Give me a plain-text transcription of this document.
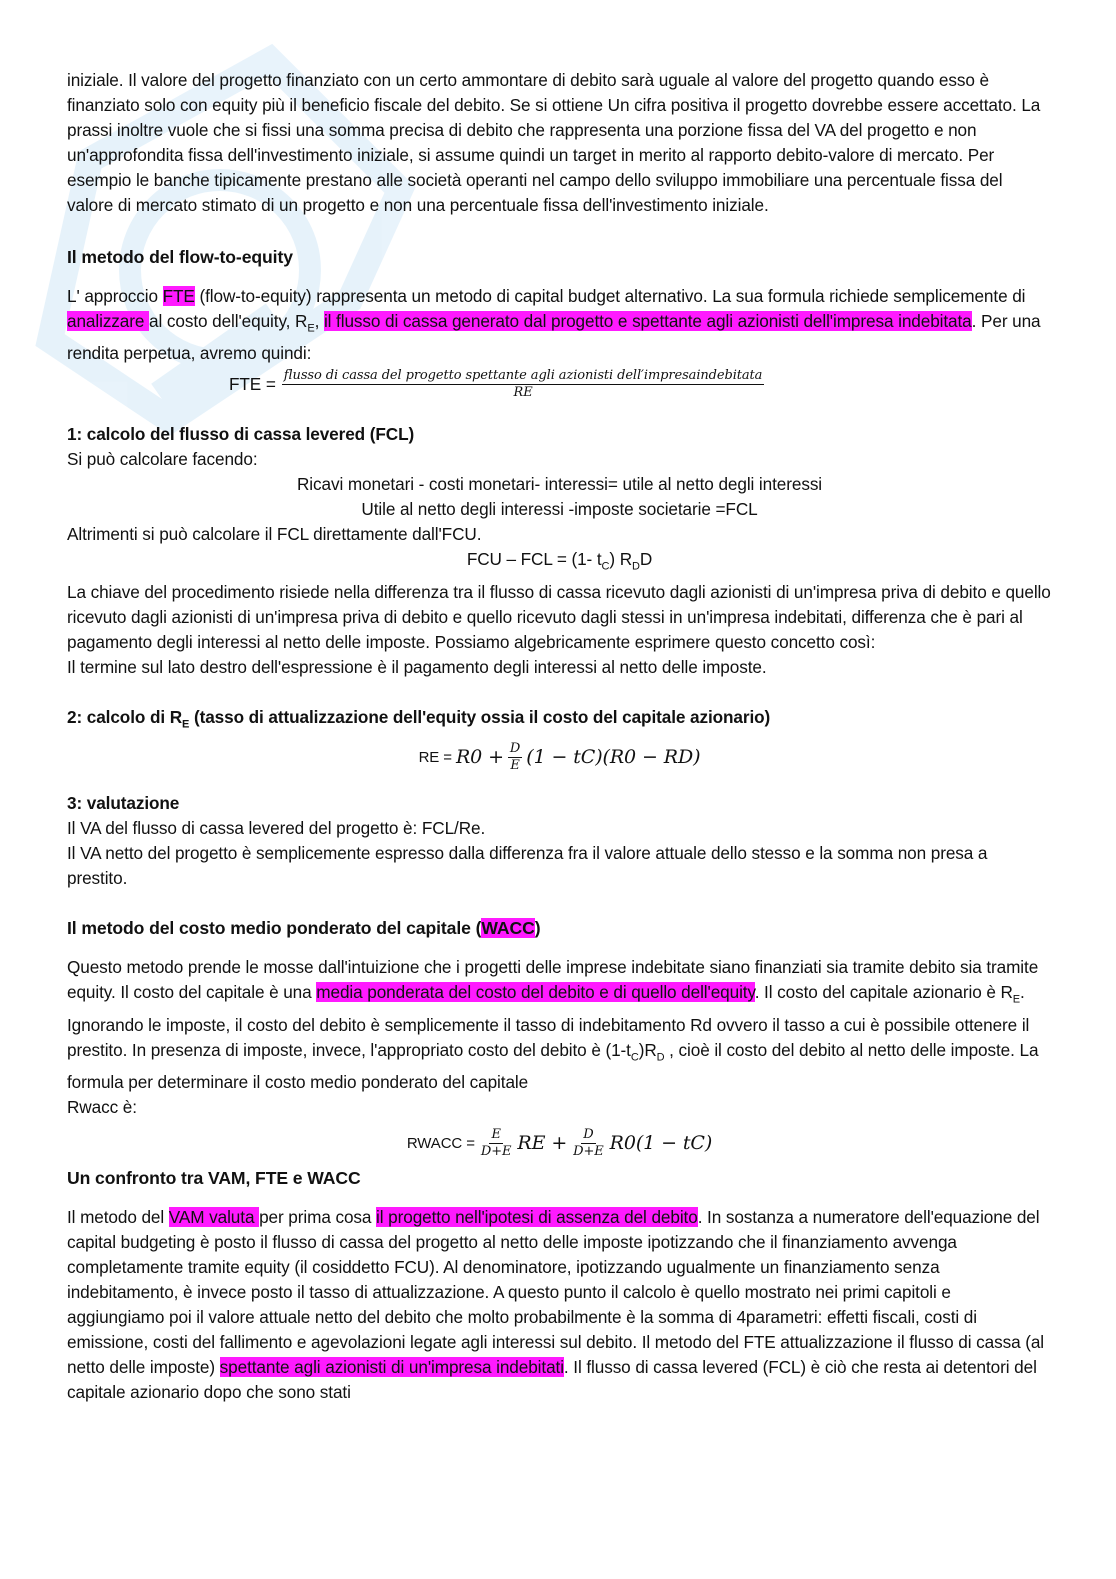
iniziale. Il valore del progetto finanziato con un certo ammontare di debito sarà uguale al valore del progetto quando esso è finanziato solo con equity più il beneficio fiscale del debito. Se si ottiene Un cifra positiva il progetto dovrebbe essere accettato. La prassi inoltre vuole che si fissi una somma precisa di debito che rappresenta una porzione fissa del VA del progetto e non un'approfondita fissa dell'investimento iniziale, si assume quindi un target in merito al rapporto debito-valore di mercato. Per esempio le banche tipicamente prestano alle società operanti nel campo dello sviluppo immobiliare una percentuale fissa del valore di mercato stimato di un progetto e non una percentuale fissa dell'investimento iniziale.

Il metodo del flow-to-equity

L' approccio FTE (flow-to-equity) rappresenta un metodo di capital budget alternativo. La sua formula richiede semplicemente di analizzare al costo dell'equity, $R_E$, il flusso di cassa generato dal progetto e spettante agli azionisti dell'impresa indebitata. Per una rendita perpetua, avremo quindi:

FTE = flusso di cassa del progetto spettante agli azionisti dell′impresaindebitata
RE

1: calcolo del flusso di cassa levered (FCL)

Si può calcolare facendo:

Ricavi monetari - costi monetari- interessi= utile al netto degli interessi

Utile al netto degli interessi -imposte societarie =FCL

Altrimenti si può calcolare il FCL direttamente dall'FCU.

FCU – FCL = (1- $t_C$) $R_DD$

La chiave del procedimento risiede nella differenza tra il flusso di cassa ricevuto dagli azionisti di un'impresa priva di debito e quello ricevuto dagli azionisti di un'impresa priva di debito e quello ricevuto dagli stessi in un'impresa indebitati, differenza che è pari al pagamento degli interessi al netto delle imposte. Possiamo algebricamente esprimere questo concetto così:

Il termine sul lato destro dell'espressione è il pagamento degli interessi al netto delle imposte.

2: calcolo di $R_E$ (tasso di attualizzazione dell'equity ossia il costo del capitale azionario)

RE = $R0 + \frac{D}{E} (1 - tC)(R0 - RD)$

3: valutazione

Il VA del flusso di cassa levered del progetto è: FCL/Re.

Il VA netto del progetto è semplicemente espresso dalla differenza fra il valore attuale dello stesso e la somma non presa a prestito.

Il metodo del costo medio ponderato del capitale (WACC)

Questo metodo prende le mosse dall'intuizione che i progetti delle imprese indebitate siano finanziati sia tramite debito sia tramite equity. Il costo del capitale è una media ponderata del costo del debito e di quello dell'equity. Il costo del capitale azionario è $R_E$. Ignorando le imposte, il costo del debito è semplicemente il tasso di indebitamento Rd ovvero il tasso a cui è possibile ottenere il prestito. In presenza di imposte, invece, l'appropriato costo del debito è $(1-t_C)R_D$ , cioè il costo del debito al netto delle imposte. La formula per determinare il costo medio ponderato del capitale

Rwacc è:

RWACC = $\frac{E}{D+E}$ RE + $\frac{D}{D+E} R0(1 - tC)$
Un confronto tra VAM, FTE e WACC

Il metodo del VAM valuta per prima cosa il progetto nell'ipotesi di assenza del debito. In sostanza a numeratore dell'equazione del capital budgeting è posto il flusso di cassa del progetto al netto delle imposte ipotizzando che il finanziamento avvenga completamente tramite equity (il cosiddetto FCU). Al denominatore, ipotizzando ugualmente un finanziamento senza indebitamento, è invece posto il tasso di attualizzazione. A questo punto il calcolo è quello mostrato nei primi capitoli e aggiungiamo poi il valore attuale netto del debito che molto probabilmente è la somma di 4parametri: effetti fiscali, costi di emissione, costi del fallimento e agevolazioni legate agli interessi sul debito. Il metodo del FTE attualizzazione il flusso di cassa (al netto delle imposte) spettante agli azionisti di un'impresa indebitati. Il flusso di cassa levered (FCL) è ciò che resta ai detentori del capitale azionario dopo che sono stati
